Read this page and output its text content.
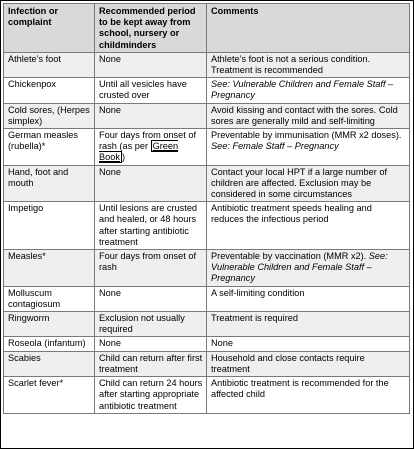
Infection or complaint	Recommended period to be kept away from school, nursery or childminders	Comments
Athlete’s foot	None	Athlete’s foot is not a serious condition. Treatment is recommended
Chickenpox	Until all vesicles have crusted over	See: Vulnerable Children and Female Staff – Pregnancy
Cold sores, (Herpes simplex)	None	Avoid kissing and contact with the sores. Cold sores are generally mild and self-limiting
German measles (rubella)*	Four days from onset of rash (as per Green Book )	Preventable by immunisation (MMR x2 doses). See: Female Staff – Pregnancy
Hand, foot and mouth	None	Contact your local HPT if a large number of children are affected. Exclusion may be considered in some circumstances
Impetigo	Until lesions are crusted and healed, or 48 hours after starting antibiotic treatment	Antibiotic treatment speeds healing and reduces the infectious period
Measles*	Four days from onset of rash	Preventable by vaccination (MMR x2). See: Vulnerable Children and Female Staff – Pregnancy
Molluscum contagiosum	None	A self-limiting condition
Ringworm	Exclusion not usually required	Treatment is required
Roseola (infantum)	None	None
Scabies	Child can return after first treatment	Household and close contacts require treatment
Scarlet fever*	Child can return 24 hours after starting appropriate antibiotic treatment	Antibiotic treatment is recommended for the affected child
